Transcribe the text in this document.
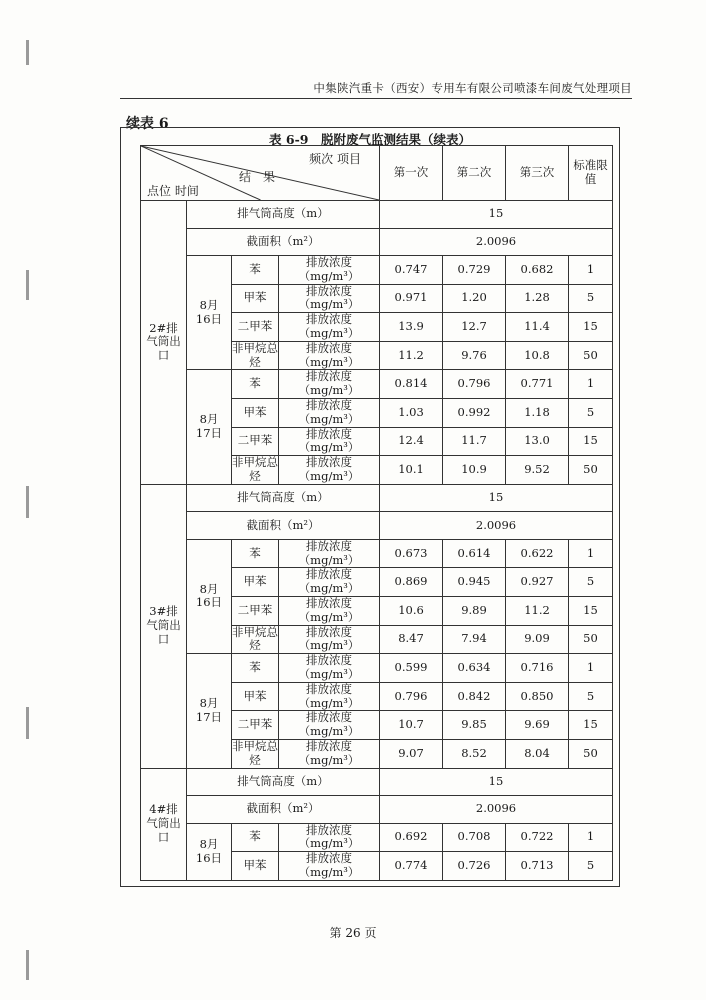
中集陕汽重卡（西安）专用车有限公司喷漆车间废气处理项目
续表 6
表 6-9　脱附废气监测结果（续表）
频次 项目
结　果
点位 时间				第一次	第二次	第三次	标准限值
2#排气筒出口	排气筒高度（m）			15			
	截面积（m²）			2.0096			
	8月16日	苯	排放浓度（mg/m³）	0.747	0.729	0.682	1
		甲苯	排放浓度（mg/m³）	0.971	1.20	1.28	5
		二甲苯	排放浓度（mg/m³）	13.9	12.7	11.4	15
		非甲烷总烃	排放浓度（mg/m³）	11.2	9.76	10.8	50
	8月17日	苯	排放浓度（mg/m³）	0.814	0.796	0.771	1
		甲苯	排放浓度（mg/m³）	1.03	0.992	1.18	5
		二甲苯	排放浓度（mg/m³）	12.4	11.7	13.0	15
		非甲烷总烃	排放浓度（mg/m³）	10.1	10.9	9.52	50
3#排气筒出口	排气筒高度（m）			15			
	截面积（m²）			2.0096			
	8月16日	苯	排放浓度（mg/m³）	0.673	0.614	0.622	1
		甲苯	排放浓度（mg/m³）	0.869	0.945	0.927	5
		二甲苯	排放浓度（mg/m³）	10.6	9.89	11.2	15
		非甲烷总烃	排放浓度（mg/m³）	8.47	7.94	9.09	50
	8月17日	苯	排放浓度（mg/m³）	0.599	0.634	0.716	1
		甲苯	排放浓度（mg/m³）	0.796	0.842	0.850	5
		二甲苯	排放浓度（mg/m³）	10.7	9.85	9.69	15
		非甲烷总烃	排放浓度（mg/m³）	9.07	8.52	8.04	50
4#排气筒出口	排气筒高度（m）			15			
	截面积（m²）			2.0096			
	8月16日	苯	排放浓度（mg/m³）	0.692	0.708	0.722	1
		甲苯	排放浓度（mg/m³）	0.774	0.726	0.713	5
第 26 页
